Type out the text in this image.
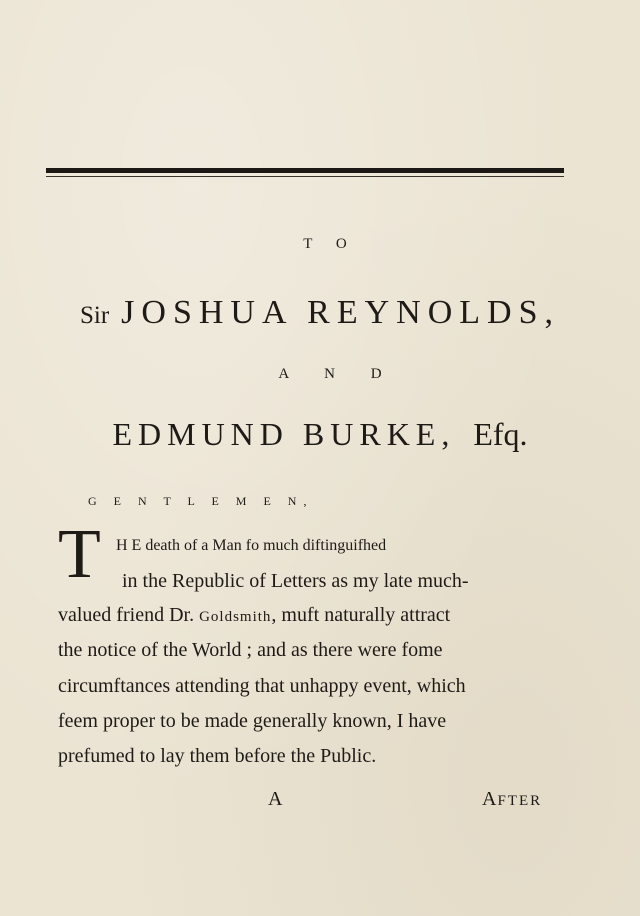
T O
Sir JOSHUA REYNOLDS,
A N D
EDMUND BURKE, Efq.
G E N T L E M E N,
T H E death of a Man fo much diftinguifhed
in the Republic of Letters as my late much-
valued friend Dr. Goldsmith, muft naturally attract
the notice of the World ; and as there were fome
circumftances attending that unhappy event, which
feem proper to be made generally known, I have
prefumed to lay them before the Public.
A	AFTER
